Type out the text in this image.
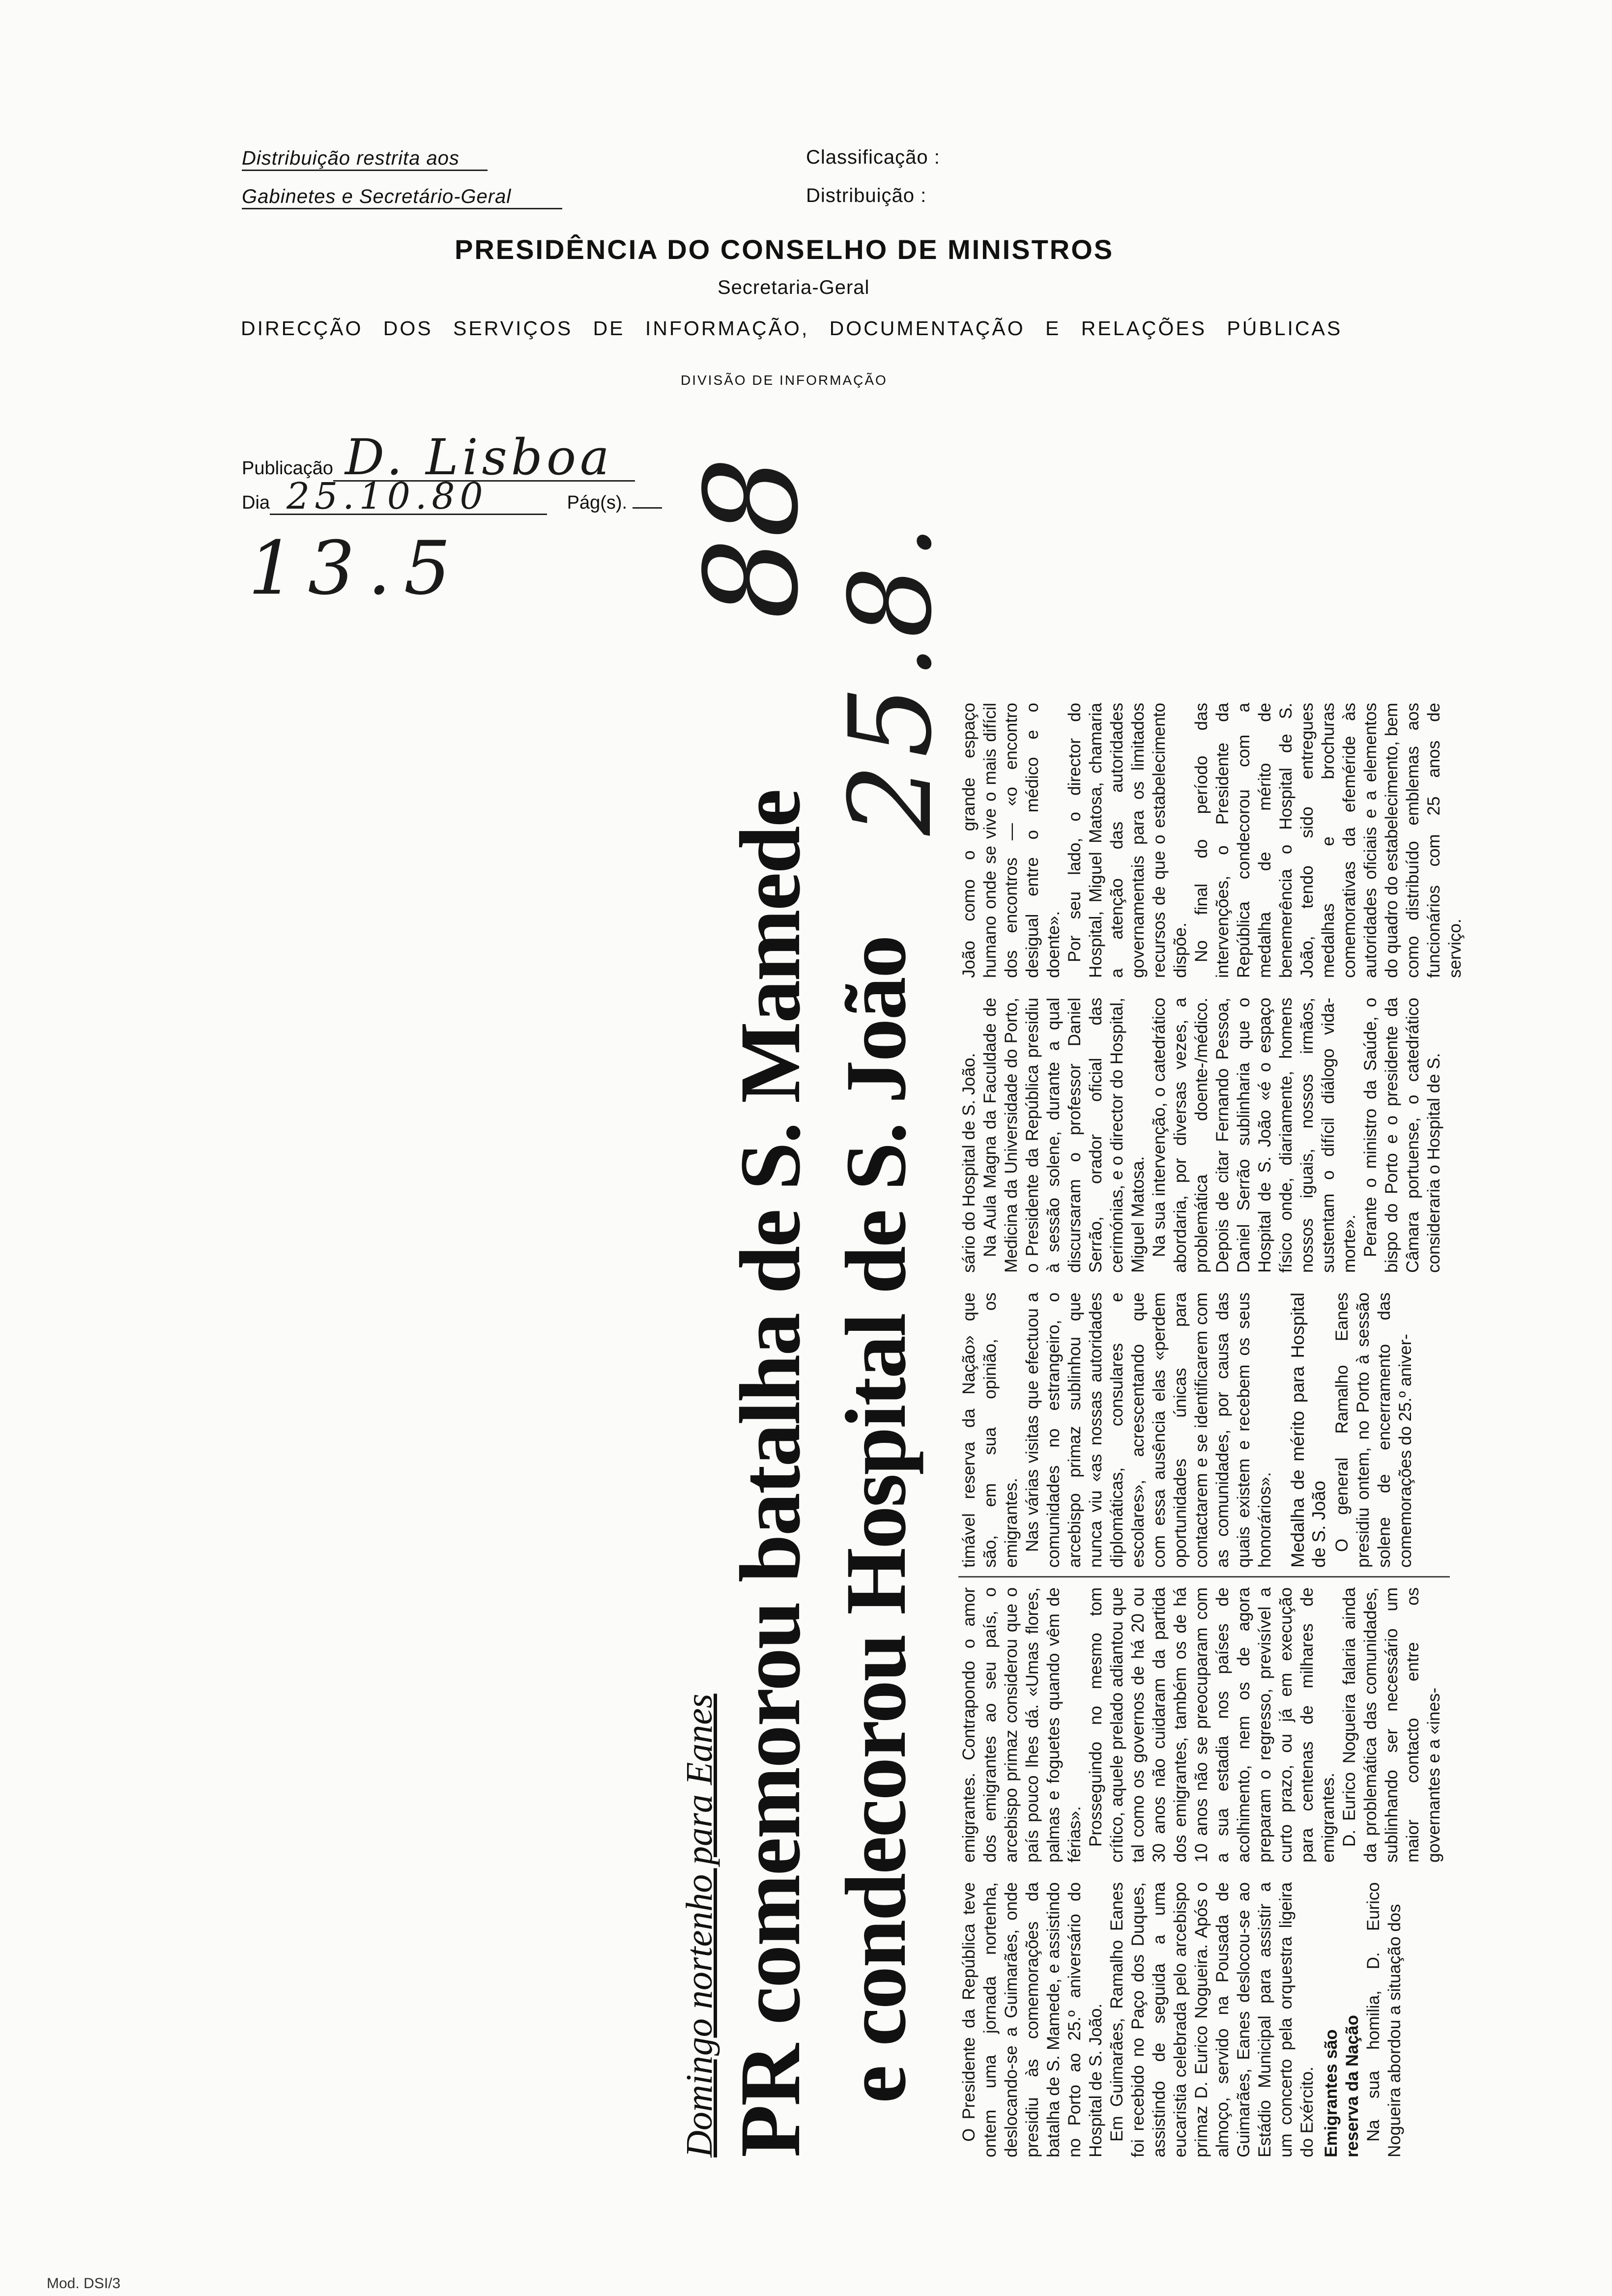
Distribuição restrita aos
Gabinetes e Secretário-Geral
Classificação :
Distribuição :
PRESIDÊNCIA DO CONSELHO DE MINISTROS
Secretaria-Geral
DIRECÇÃO DOS SERVIÇOS DE INFORMAÇÃO, DOCUMENTAÇÃO E RELAÇÕES PÚBLICAS
DIVISÃO DE INFORMAÇÃO
Publicação D. Lisboa
Dia 25.10.80	Pág(s).
13.5 88
25.8.
Domingo nortenho para Eanes PR comemorou batalha de S. Mamede e condecorou Hospital de S. João O Presidente da República teve ontem uma jornada nortenha, deslocando-se a Guimarães, onde presidiu às comemorações da batalha de S. Mamede, e assistindo no Porto ao 25.º aniversário do Hospital de S. João. Em Guimarães, Ramalho Eanes foi recebido no Paço dos Duques, assistindo de seguida a uma eucaristia celebrada pelo arcebispo primaz D. Eurico Nogueira. Após o almoço, servido na Pousada de Guimarães, Eanes deslocou-se ao Estádio Municipal para assistir a um concerto pela orquestra ligeira do Exército. Emigrantes são reserva da Nação Na sua homilia, D. Eurico Nogueira abordou a situação dos

emigrantes. Contrapondo o amor dos emigrantes ao seu país, o arcebispo primaz considerou que o país pouco lhes dá. «Umas flores, palmas e foguetes quando vêm de férias». Prosseguindo no mesmo tom crítico, aquele prelado adiantou que tal como os governos de há 20 ou 30 anos não cuidaram da partida dos emigrantes, também os de há 10 anos não se preocuparam com a sua estadia nos países de acolhimento, nem os de agora preparam o regresso, previsível a curto prazo, ou já em execução para centenas de milhares de emigrantes. D. Eurico Nogueira falaria ainda da problemática das comunidades, sublinhando ser necessário um maior contacto entre os governantes e a «ines-

timável reserva da Nação» que são, em sua opinião, os emigrantes. Nas várias visitas que efectuou a comunidades no estrangeiro, o arcebispo primaz sublinhou que nunca viu «as nossas autoridades diplomáticas, consulares e escolares», acrescentando que com essa ausência elas «perdem oportunidades únicas para contactarem e se identificarem com as comunidades, por causa das quais existem e recebem os seus honorários». Medalha de mérito para Hospital de S. João O general Ramalho Eanes presidiu ontem, no Porto à sessão solene de encerramento das comemorações do 25.º aniver-

sário do Hospital de S. João. Na Aula Magna da Faculdade de Medicina da Universidade do Porto, o Presidente da República presidiu à sessão solene, durante a qual discursaram o professor Daniel Serrão, orador oficial das cerimónias, e o director do Hospital, Miguel Matosa. Na sua intervenção, o catedrático abordaria, por diversas vezes, a problemática doente-/médico. Depois de citar Fernando Pessoa, Daniel Serrão sublinharia que o Hospital de S. João «é o espaço físico onde, diariamente, homens nossos iguais, nossos irmãos, sustentam o difícil diálogo vida-morte». Perante o ministro da Saúde, o bispo do Porto e o presidente da Câmara portuense, o catedrático consideraria o Hospital de S.

João como o grande espaço humano onde se vive o mais difícil dos encontros — «o encontro desigual entre o médico e o doente». Por seu lado, o director do Hospital, Miguel Matosa, chamaria a atenção das autoridades governamentais para os limitados recursos de que o estabelecimento dispõe. No final do período das intervenções, o Presidente da República condecorou com a medalha de mérito de benemerência o Hospital de S. João, tendo sido entregues medalhas e brochuras comemorativas da efeméride às autoridades oficiais e a elementos do quadro do estabelecimento, bem como distribuído emblemas aos funcionários com 25 anos de serviço.

Mod. DSI/3
